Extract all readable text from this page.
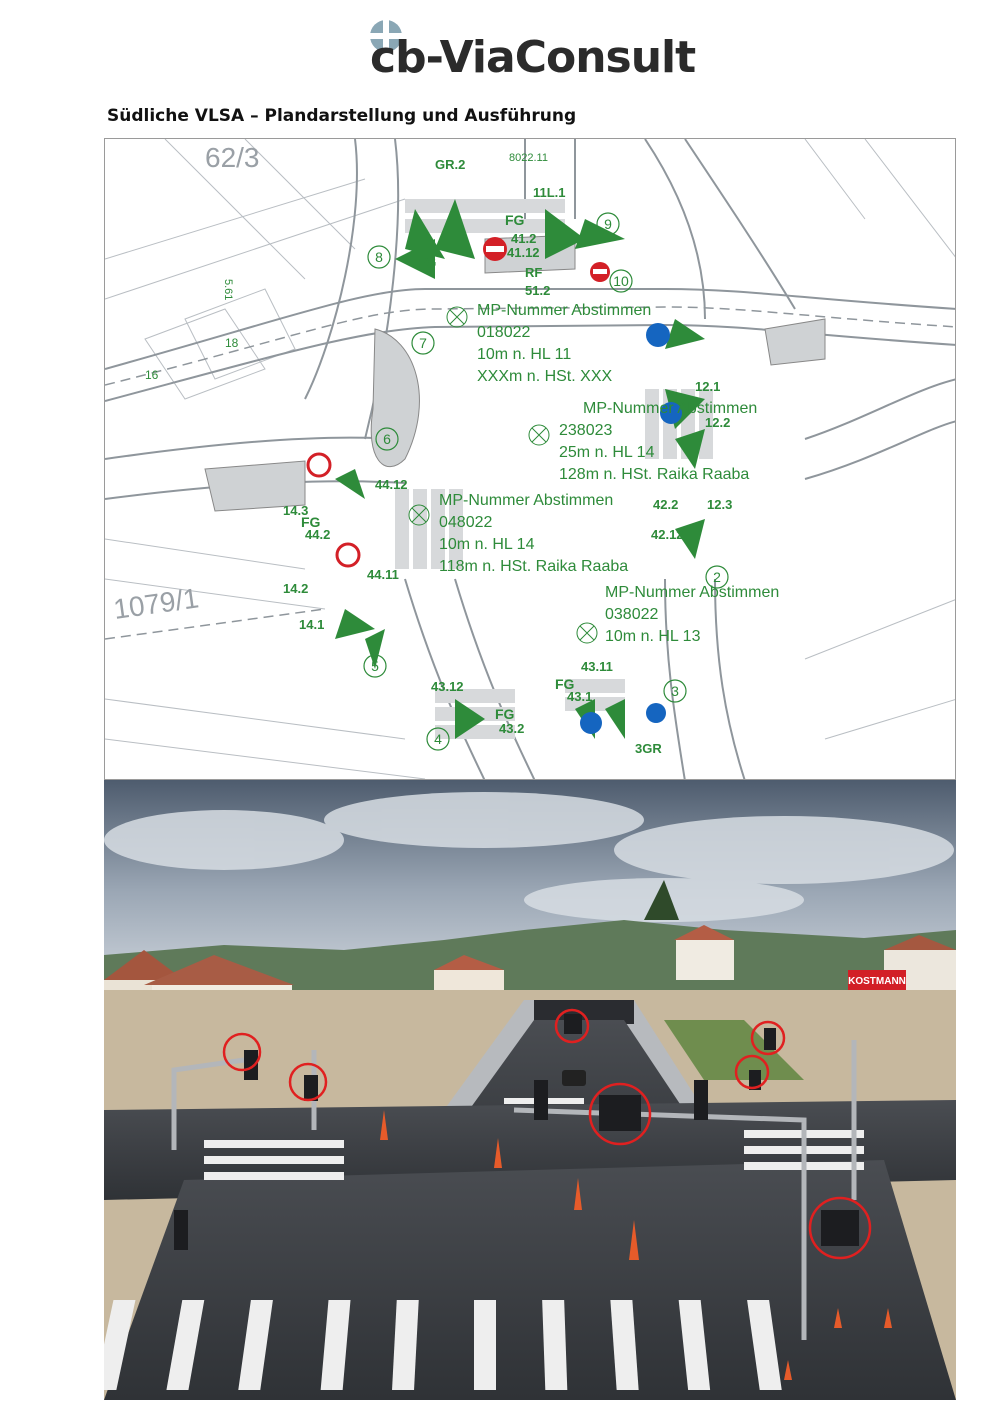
cb-ViaConsult
Südliche VLSA – Plandarstellung und Ausführung
2
3
4
5
6
7
8
9
10
62/3
1079/1
5.61
18
16
8022.11
11L.1
GR.2
41.2
41.12
51.2
RF
12.1
12.2
42.2
42.12
12.3
14.3
44.12
44.2
44.11
14.2
14.1
43.12
43.2
43.11
43.1
3GR
FG
FG
FG
FG
FG
MP-Nummer Abstimmen
018022
10m n. HL 11
XXXm n. HSt. XXX
MP-Nummer Abstimmen
238023
25m n. HL 14
128m n. HSt. Raika Raaba
MP-Nummer Abstimmen
048022
10m n. HL 14
118m n. HSt. Raika Raaba
MP-Nummer Abstimmen
038022
10m n. HL 13
KOSTMANN
